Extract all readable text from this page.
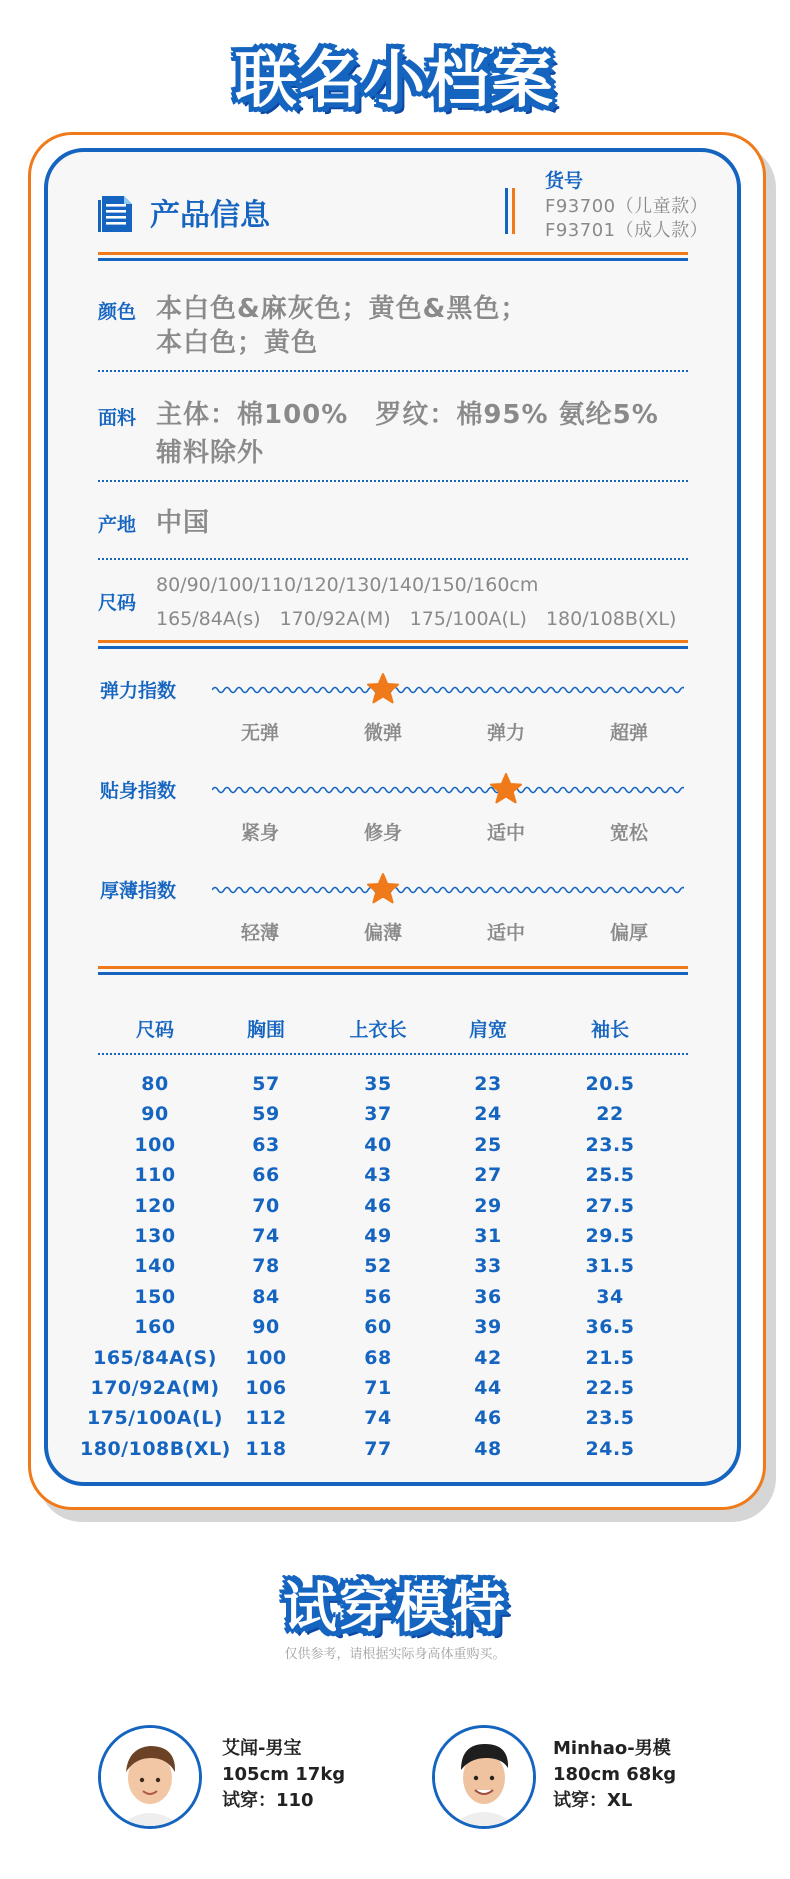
联名小档案
产品信息
货号
F93700（儿童款）
F93701（成人款）
颜色 本白色&麻灰色；黄色&黑色；
本白色；黄色
面料 主体：棉100%　罗纹：棉95% 氨纶5%
辅料除外
产地 中国
尺码
80/90/100/110/120/130/140/150/160cm
165/84A(s)　170/92A(M)　175/100A(L)　180/108B(XL)
弹力指数
无弹	微弹	弹力	超弹
贴身指数
紧身	修身	适中	宽松
厚薄指数
轻薄	偏薄	适中	偏厚
尺码	胸围	上衣长	肩宽	袖长
80	57	35	23	20.5
90	59	37	24	22
100	63	40	25	23.5
110	66	43	27	25.5
120	70	46	29	27.5
130	74	49	31	29.5
140	78	52	33	31.5
150	84	56	36	34
160	90	60	39	36.5
165/84A(S)	100	68	42	21.5
170/92A(M)	106	71	44	22.5
175/100A(L)	112	74	46	23.5
180/108B(XL) 118	77	48	24.5
试穿模特
仅供参考，请根据实际身高体重购买。
艾闻-男宝
105cm 17kg
试穿：110
Minhao-男模
180cm 68kg
试穿：XL
